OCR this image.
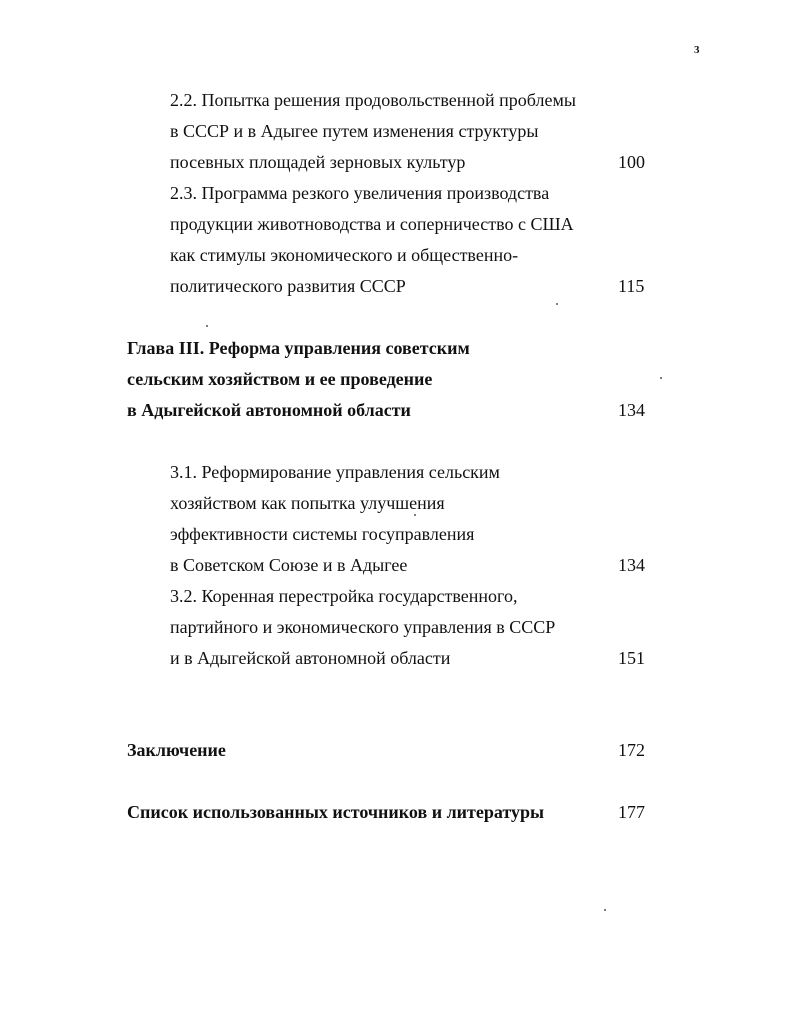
3
2.2. Попытка решения продовольственной проблемы
в СССР и в Адыгее путем изменения структуры
посевных площадей зерновых культур	100
2.3. Программа резкого увеличения производства
продукции животноводства и соперничество с США
как стимулы экономического и общественно-
политического развития СССР	115
Глава III. Реформа управления советским
сельским хозяйством и ее проведение
в Адыгейской автономной области	134
3.1. Реформирование управления сельским
хозяйством как попытка улучшения
эффективности системы госуправления
в Советском Союзе и в Адыгее	134
3.2. Коренная перестройка государственного,
партийного и экономического управления в СССР
и в Адыгейской автономной области	151
Заключение	172
Список использованных источников и литературы	177
